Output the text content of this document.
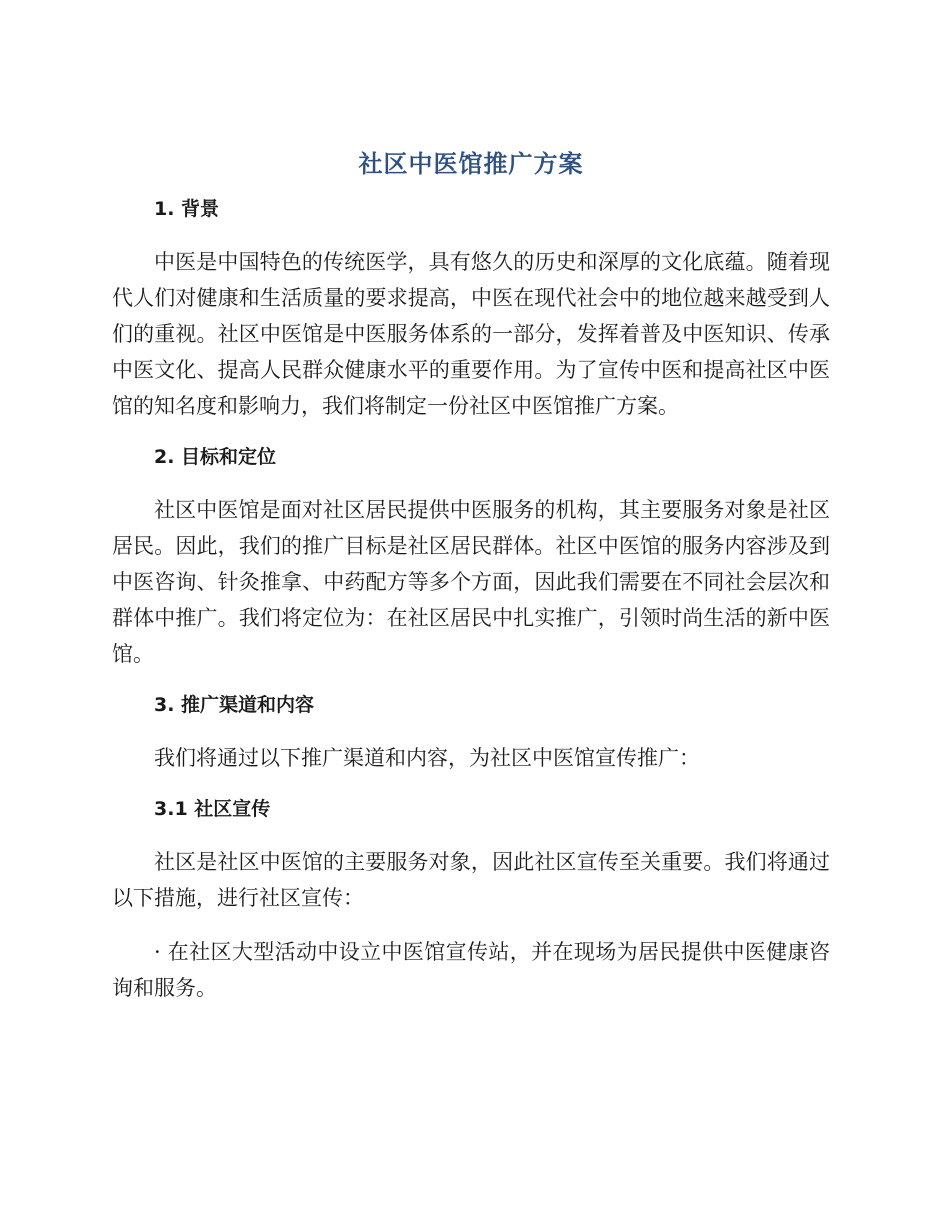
社区中医馆推广方案
1. 背景

中医是中国特色的传统医学，具有悠久的历史和深厚的文化底蕴。随着现代人们对健康和生活质量的要求提高，中医在现代社会中的地位越来越受到人们的重视。社区中医馆是中医服务体系的一部分，发挥着普及中医知识、传承中医文化、提高人民群众健康水平的重要作用。为了宣传中医和提高社区中医馆的知名度和影响力，我们将制定一份社区中医馆推广方案。

2. 目标和定位

社区中医馆是面对社区居民提供中医服务的机构，其主要服务对象是社区居民。因此，我们的推广目标是社区居民群体。社区中医馆的服务内容涉及到中医咨询、针灸推拿、中药配方等多个方面，因此我们需要在不同社会层次和群体中推广。我们将定位为：在社区居民中扎实推广，引领时尚生活的新中医馆。

3. 推广渠道和内容

我们将通过以下推广渠道和内容，为社区中医馆宣传推广：

3.1 社区宣传

社区是社区中医馆的主要服务对象，因此社区宣传至关重要。我们将通过以下措施，进行社区宣传：

· 在社区大型活动中设立中医馆宣传站，并在现场为居民提供中医健康咨询和服务。
